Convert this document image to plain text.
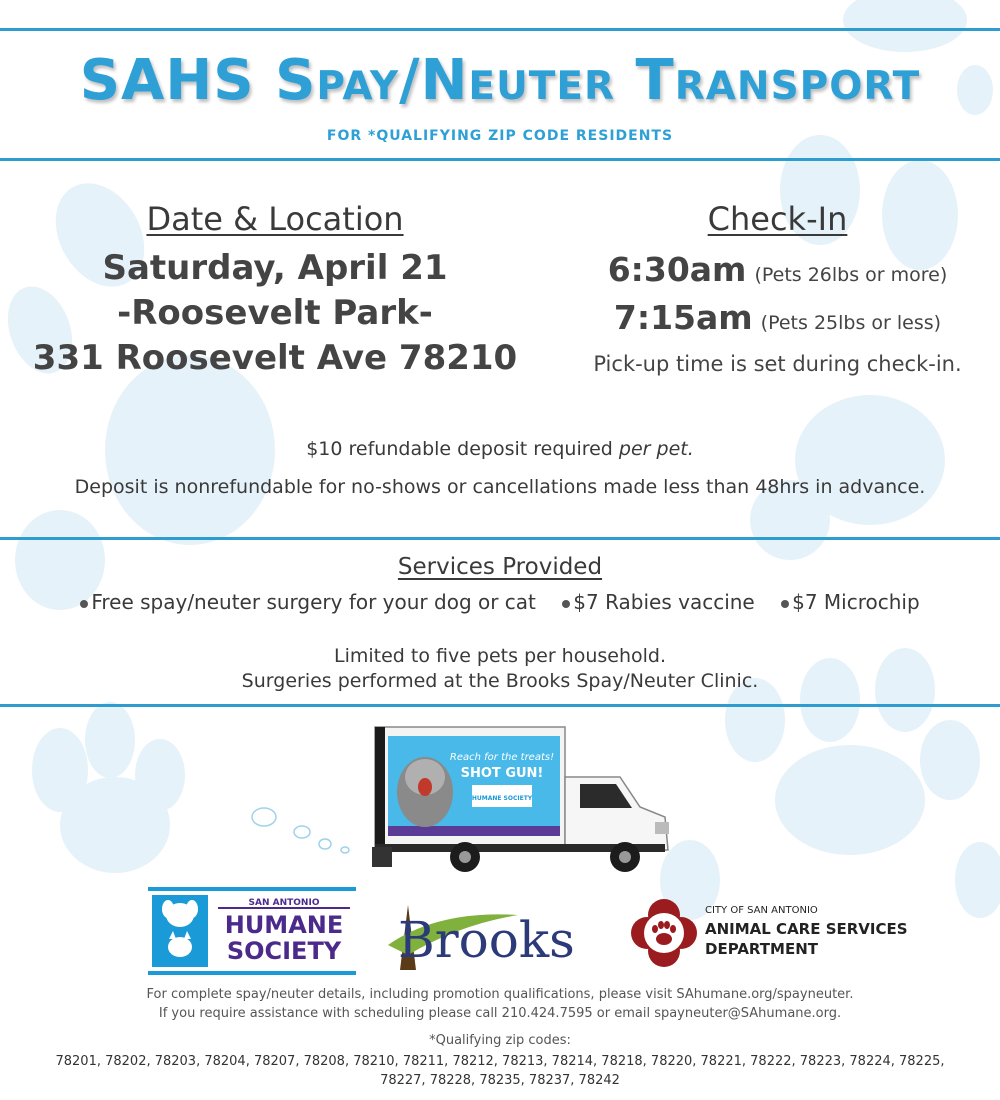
SAHS Spay/Neuter Transport
FOR *QUALIFYING ZIP CODE RESIDENTS
Date & Location
Saturday, April 21
-Roosevelt Park-
331 Roosevelt Ave 78210
Check-In
6:30am (Pets 26lbs or more)
7:15am (Pets 25lbs or less)
Pick-up time is set during check-in.
$10 refundable deposit required per pet.
Deposit is nonrefundable for no-shows or cancellations made less than 48hrs in advance.
Services Provided
Free spay/neuter surgery for your dog or cat $7 Rabies vaccine $7 Microchip
Limited to five pets per household.
Surgeries performed at the Brooks Spay/Neuter Clinic.
Reach for the treats!
SHOT GUN!
HUMANE SOCIETY
SAN ANTONIO
HUMANE
SOCIETY Brooks
CITY OF SAN ANTONIO
ANIMAL CARE SERVICES
DEPARTMENT
For complete spay/neuter details, including promotion qualifications, please visit SAhumane.org/spayneuter.
If you require assistance with scheduling please call 210.424.7595 or email spayneuter@SAhumane.org.
*Qualifying zip codes:
78201, 78202, 78203, 78204, 78207, 78208, 78210, 78211, 78212, 78213, 78214, 78218, 78220, 78221, 78222, 78223, 78224, 78225,
78227, 78228, 78235, 78237, 78242
